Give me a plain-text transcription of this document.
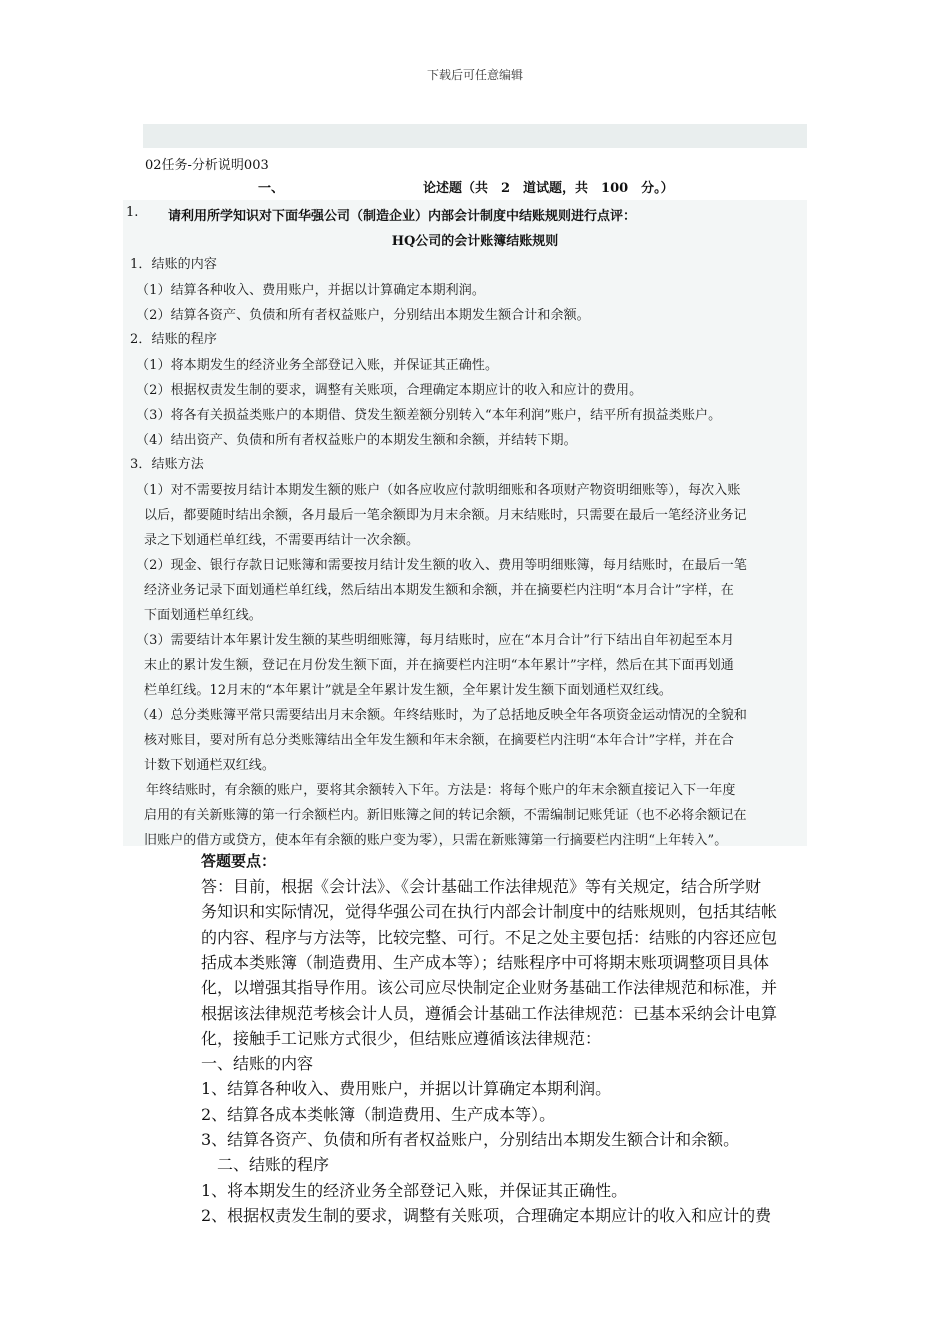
下载后可任意编辑
02任务-分析说明003
一、	论述题（共　2　道试题，共　100　分。）
1. 请利用所学知识对下面华强公司（制造企业）内部会计制度中结账规则进行点评：
HQ公司的会计账簿结账规则
1．结账的内容
（1）结算各种收入、费用账户，并据以计算确定本期利润。
（2）结算各资产、负债和所有者权益账户，分别结出本期发生额合计和余额。
2．结账的程序
（1）将本期发生的经济业务全部登记入账，并保证其正确性。
（2）根据权责发生制的要求，调整有关账项，合理确定本期应计的收入和应计的费用。
（3）将各有关损益类账户的本期借、贷发生额差额分别转入“本年利润”账户，结平所有损益类账户。
（4）结出资产、负债和所有者权益账户的本期发生额和余额，并结转下期。
3．结账方法
（1）对不需要按月结计本期发生额的账户（如各应收应付款明细账和各项财产物资明细账等），每次入账
以后，都要随时结出余额，各月最后一笔余额即为月末余额。月末结账时，只需要在最后一笔经济业务记
录之下划通栏单红线，不需要再结计一次余额。
（2）现金、银行存款日记账簿和需要按月结计发生额的收入、费用等明细账簿，每月结账时，在最后一笔
经济业务记录下面划通栏单红线，然后结出本期发生额和余额，并在摘要栏内注明“本月合计”字样，在
下面划通栏单红线。
（3）需要结计本年累计发生额的某些明细账簿，每月结账时，应在“本月合计”行下结出自年初起至本月
末止的累计发生额，登记在月份发生额下面，并在摘要栏内注明“本年累计”字样，然后在其下面再划通
栏单红线。12月末的“本年累计”就是全年累计发生额，全年累计发生额下面划通栏双红线。
（4）总分类账簿平常只需要结出月末余额。年终结账时，为了总括地反映全年各项资金运动情况的全貌和
核对账目，要对所有总分类账簿结出全年发生额和年末余额，在摘要栏内注明“本年合计”字样，并在合
计数下划通栏双红线。
年终结账时，有余额的账户，要将其余额转入下年。方法是：将每个账户的年末余额直接记入下一年度
启用的有关新账簿的第一行余额栏内。新旧账簿之间的转记余额，不需编制记账凭证（也不必将余额记在
旧账户的借方或贷方，使本年有余额的账户变为零），只需在新账簿第一行摘要栏内注明“上年转入”。
答题要点：
答：目前，根据《会计法》、《会计基础工作法律规范》等有关规定，结合所学财
务知识和实际情况，觉得华强公司在执行内部会计制度中的结账规则，包括其结帐
的内容、程序与方法等，比较完整、可行。不足之处主要包括：结账的内容还应包
括成本类账簿（制造费用、生产成本等）；结账程序中可将期末账项调整项目具体
化，以增强其指导作用。该公司应尽快制定企业财务基础工作法律规范和标准，并
根据该法律规范考核会计人员，遵循会计基础工作法律规范：已基本采纳会计电算
化，接触手工记账方式很少，但结账应遵循该法律规范：
一、结账的内容
1、结算各种收入、费用账户，并据以计算确定本期利润。
2、结算各成本类帐簿（制造费用、生产成本等）。
3、结算各资产、负债和所有者权益账户，分别结出本期发生额合计和余额。
　二、结账的程序
1、将本期发生的经济业务全部登记入账，并保证其正确性。
2、根据权责发生制的要求，调整有关账项，合理确定本期应计的收入和应计的费
